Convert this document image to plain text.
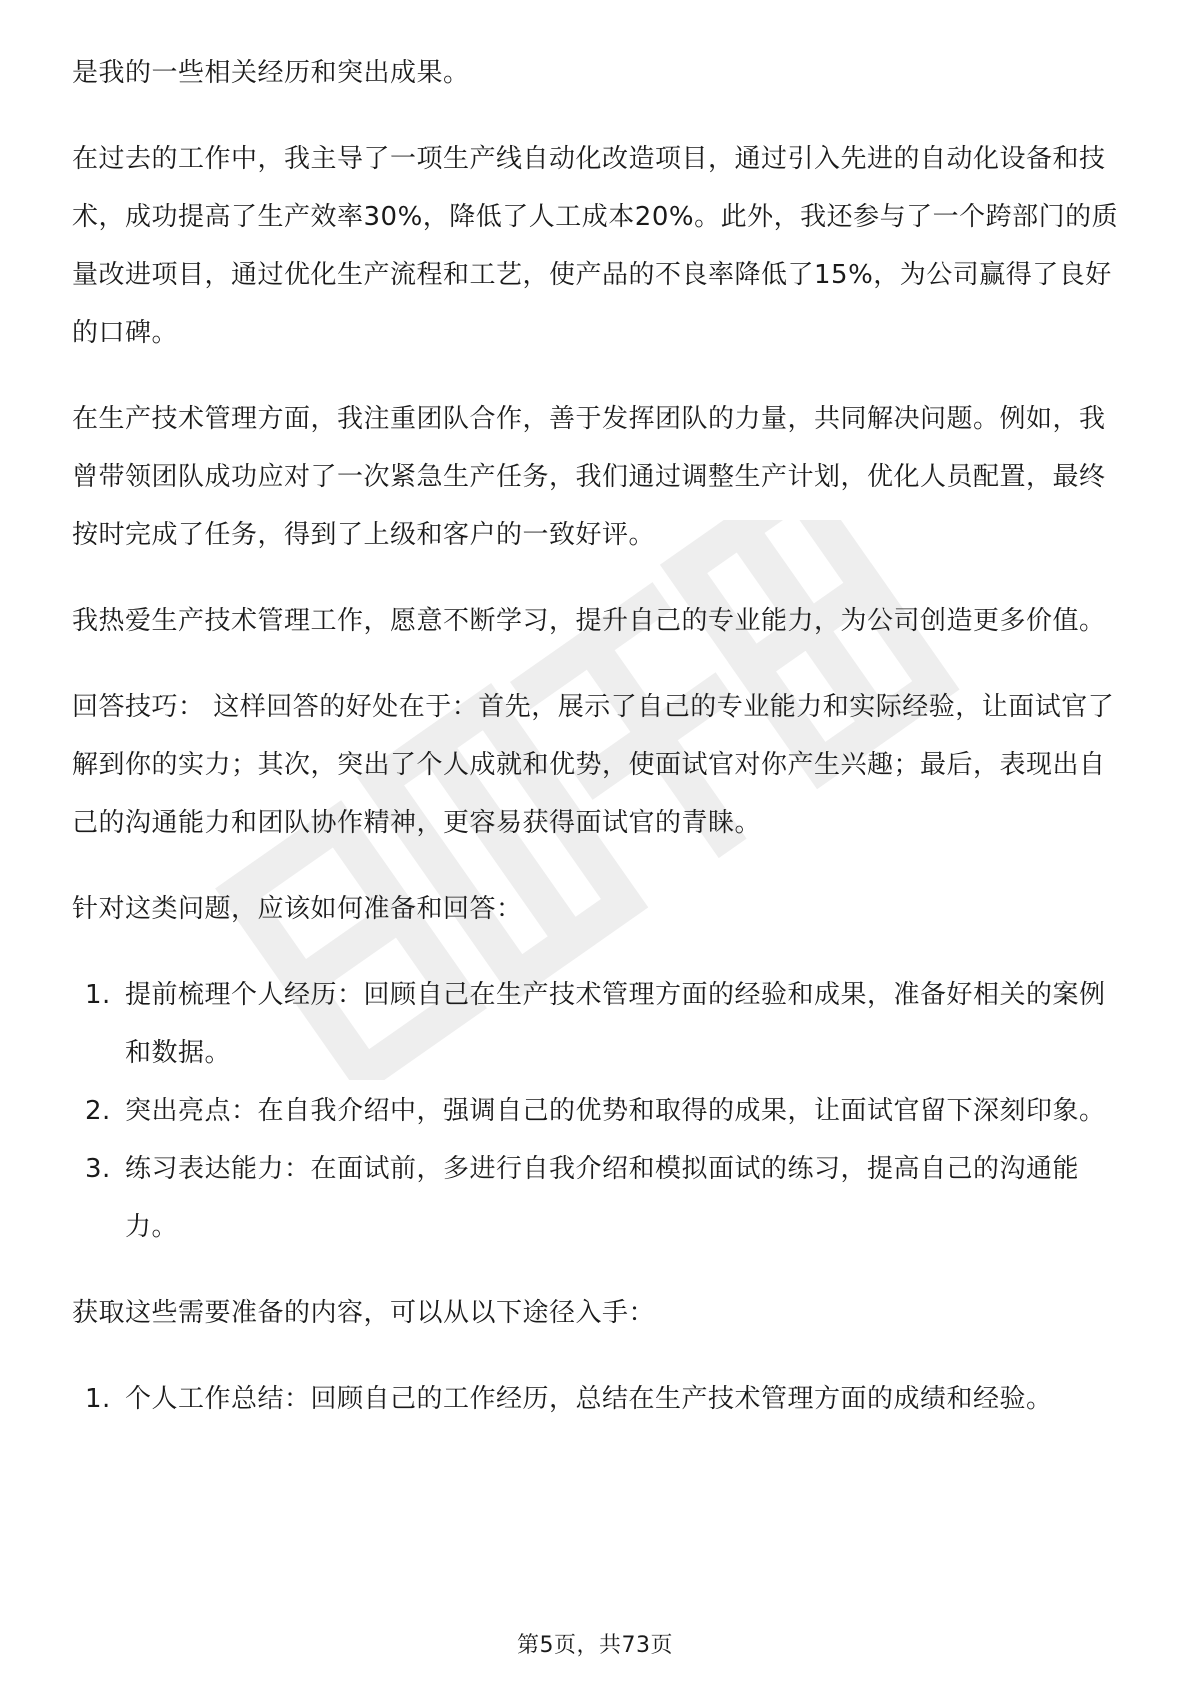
是我的一些相关经历和突出成果。

在过去的工作中，我主导了一项生产线自动化改造项目，通过引入先进的自动化设备和技术，成功提高了生产效率30%，降低了人工成本20%。此外，我还参与了一个跨部门的质量改进项目，通过优化生产流程和工艺，使产品的不良率降低了15%，为公司赢得了良好的口碑。

在生产技术管理方面，我注重团队合作，善于发挥团队的力量，共同解决问题。例如，我曾带领团队成功应对了一次紧急生产任务，我们通过调整生产计划，优化人员配置，最终按时完成了任务，得到了上级和客户的一致好评。

我热爱生产技术管理工作，愿意不断学习，提升自己的专业能力，为公司创造更多价值。

回答技巧： 这样回答的好处在于：首先，展示了自己的专业能力和实际经验，让面试官了解到你的实力；其次，突出了个人成就和优势，使面试官对你产生兴趣；最后，表现出自己的沟通能力和团队协作精神，更容易获得面试官的青睐。

针对这类问题，应该如何准备和回答：

1. 提前梳理个人经历：回顾自己在生产技术管理方面的经验和成果，准备好相关的案例和数据。
2. 突出亮点：在自我介绍中，强调自己的优势和取得的成果，让面试官留下深刻印象。
3. 练习表达能力：在面试前，多进行自我介绍和模拟面试的练习，提高自己的沟通能力。

获取这些需要准备的内容，可以从以下途径入手：

1. 个人工作总结：回顾自己的工作经历，总结在生产技术管理方面的成绩和经验。
第5页，共73页
